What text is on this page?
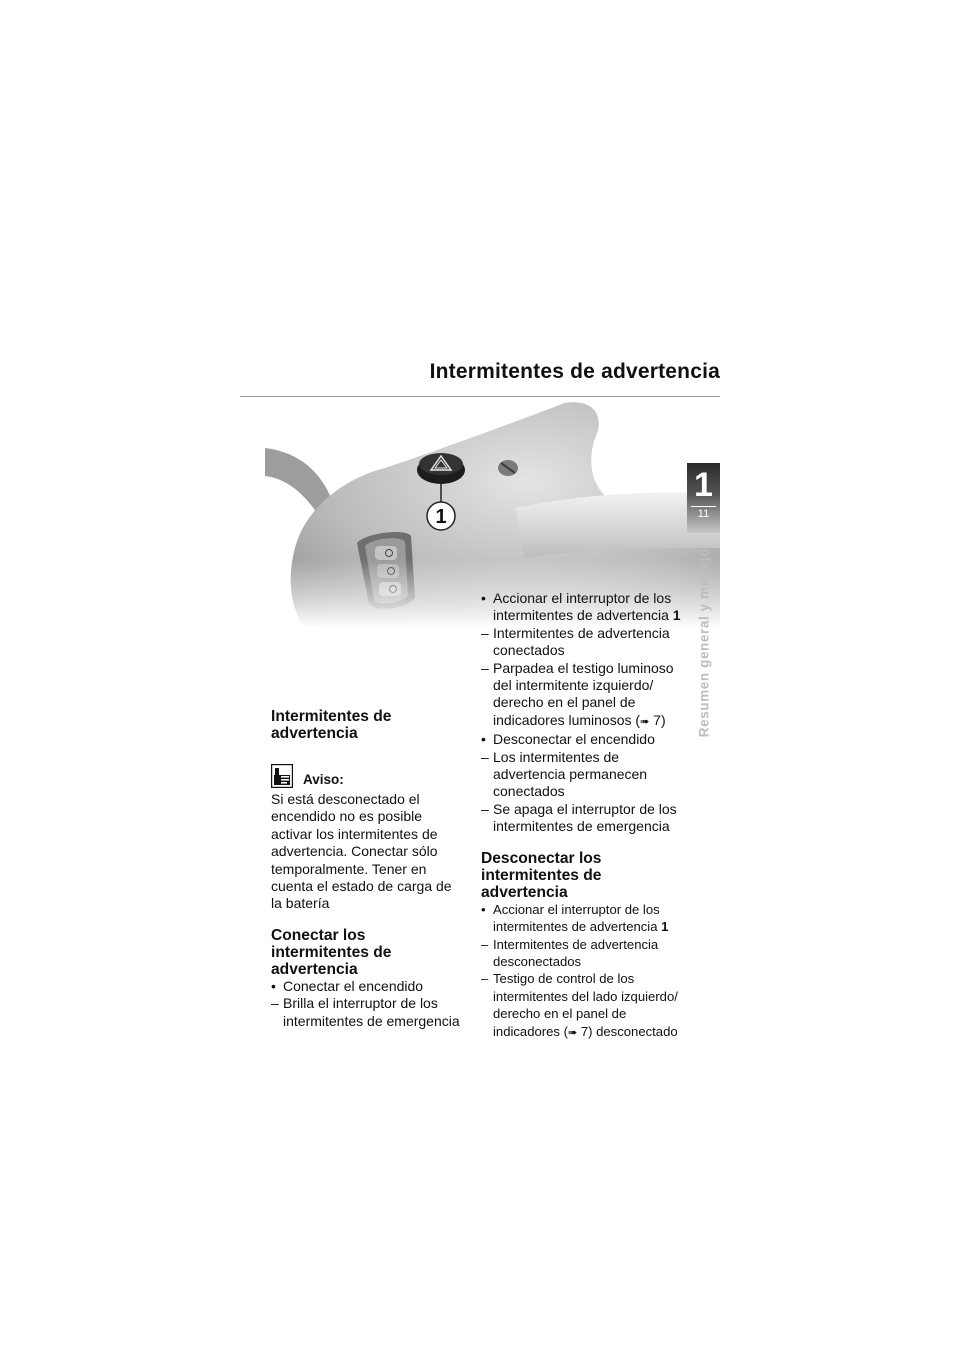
Intermitentes de advertencia
1
11
Resumen general y manejo
Intermitentes de advertencia
Aviso:

Si está desconectado el encendido no es posible activar los intermitentes de advertencia. Conectar sólo temporalmente. Tener en cuenta el estado de carga de la batería

Conectar los intermitentes de advertencia
• Conectar el encendido
– Brilla el interruptor de los intermitentes de emergencia
• Accionar el interruptor de los intermitentes de advertencia 1
– Intermitentes de advertencia conectados
– Parpadea el testigo luminoso del intermitente izquierdo/ derecho en el panel de indicadores luminosos (➠ 7)
• Desconectar el encendido
– Los intermitentes de advertencia permanecen conectados
– Se apaga el interruptor de los intermitentes de emergencia
Desconectar los intermitentes de advertencia
• Accionar el interruptor de los intermitentes de advertencia 1
– Intermitentes de advertencia desconectados
– Testigo de control de los intermitentes del lado izquierdo/ derecho en el panel de indicadores (➠ 7) desconectado
